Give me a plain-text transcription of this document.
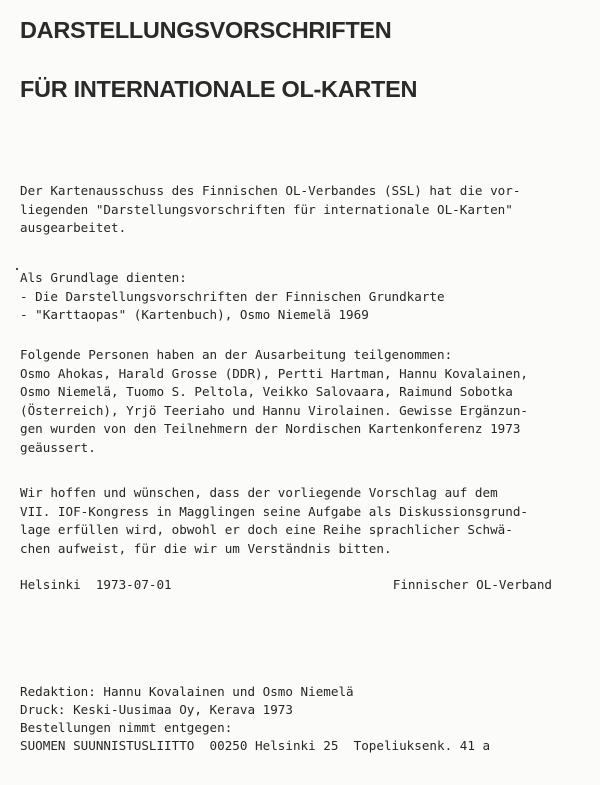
DARSTELLUNGSVORSCHRIFTEN
FÜR INTERNATIONALE OL-KARTEN

Der Kartenausschuss des Finnischen OL-Verbandes (SSL) hat die vor-

liegenden "Darstellungsvorschriften für internationale OL-Karten"

ausgearbeitet.

Als Grundlage dienten:

- Die Darstellungsvorschriften der Finnischen Grundkarte

- "Karttaopas" (Kartenbuch), Osmo Niemelä 1969

Folgende Personen haben an der Ausarbeitung teilgenommen:

Osmo Ahokas, Harald Grosse (DDR), Pertti Hartman, Hannu Kovalainen,

Osmo Niemelä, Tuomo S. Peltola, Veikko Salovaara, Raimund Sobotka

(Österreich), Yrjö Teeriaho und Hannu Virolainen. Gewisse Ergänzun-

gen wurden von den Teilnehmern der Nordischen Kartenkonferenz 1973

geäussert.

Wir hoffen und wünschen, dass der vorliegende Vorschlag auf dem

VII. IOF-Kongress in Magglingen seine Aufgabe als Diskussionsgrund-

lage erfüllen wird, obwohl er doch eine Reihe sprachlicher Schwä-

chen aufweist, für die wir um Verständnis bitten.

Helsinki  1973-07-01	Finnischer OL-Verband

Redaktion: Hannu Kovalainen und Osmo Niemelä

Druck: Keski-Uusimaa Oy, Kerava 1973

Bestellungen nimmt entgegen:

SUOMEN SUUNNISTUSLIITTO  00250 Helsinki 25  Topeliuksenk. 41 a
